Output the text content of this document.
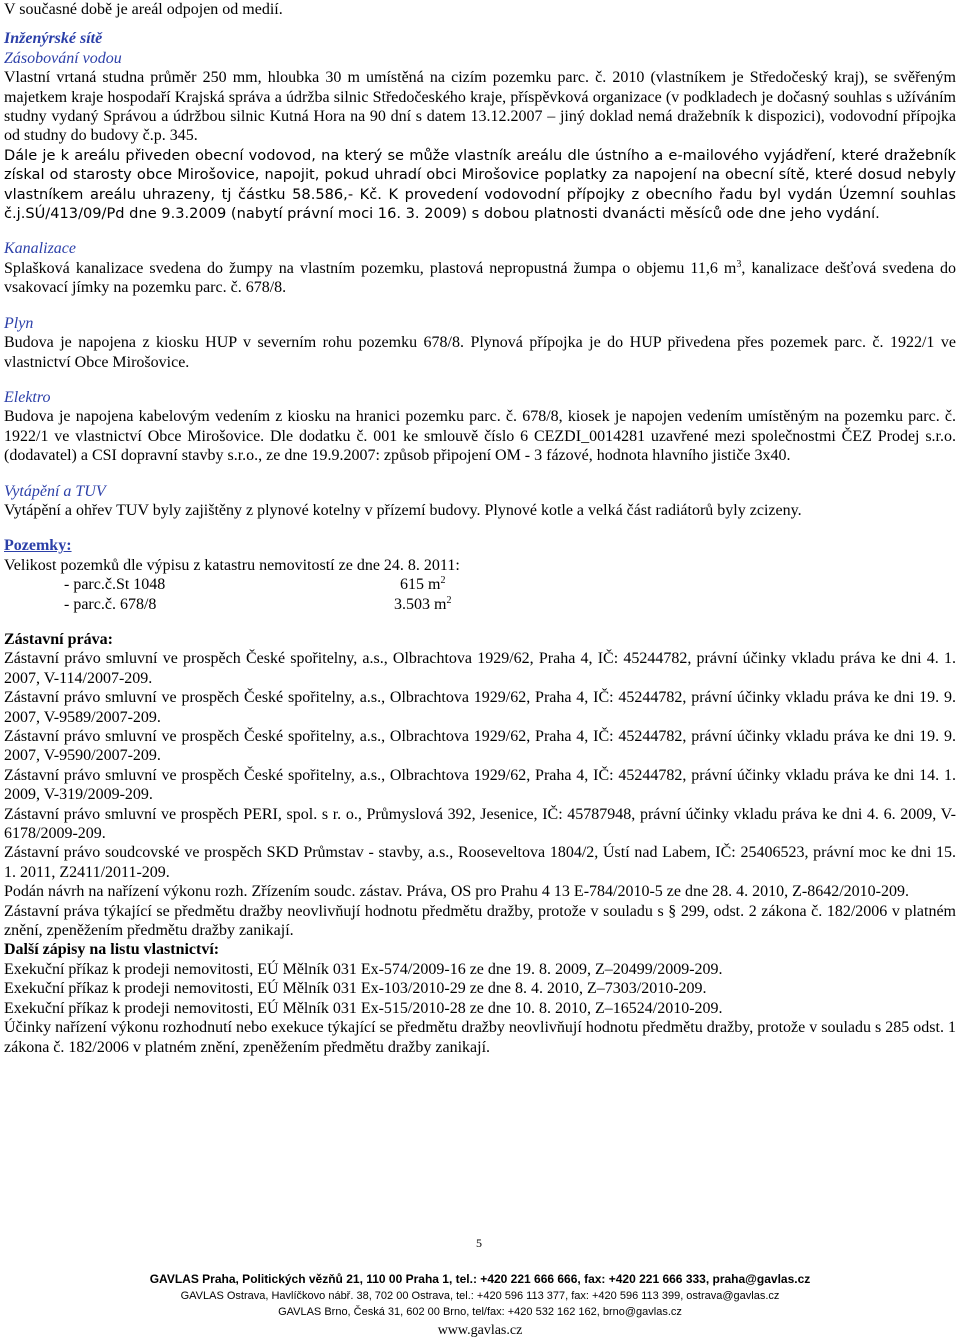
V současné době je areál odpojen od medií.

Inženýrské sítě

Zásobování vodou

Vlastní vrtaná studna průměr 250 mm, hloubka 30 m umístěná na cizím pozemku parc. č. 2010 (vlastníkem je Středočeský kraj), se svěřeným majetkem kraje hospodaří Krajská správa a údržba silnic Středočeského kraje, příspěvková organizace (v podkladech je dočasný souhlas s užíváním studny vydaný Správou a údržbou silnic Kutná Hora na 90 dní s datem 13.12.2007 – jiný doklad nemá dražebník k dispozici), vodovodní přípojka od studny do budovy č.p. 345.

Dále je k areálu přiveden obecní vodovod, na který se může vlastník areálu dle ústního a e-mailového vyjádření, které dražebník získal od starosty obce Mirošovice, napojit, pokud uhradí obci Mirošovice poplatky za napojení na obecní sítě, které dosud nebyly vlastníkem areálu uhrazeny, tj částku 58.586,- Kč. K provedení vodovodní přípojky z obecního řadu byl vydán Územní souhlas č.j.SÚ/413/09/Pd dne 9.3.2009 (nabytí právní moci 16. 3. 2009) s dobou platnosti dvanácti měsíců ode dne jeho vydání.

Kanalizace

Splašková kanalizace svedena do žumpy na vlastním pozemku, plastová nepropustná žumpa o objemu 11,6 $m^3$, kanalizace dešťová svedena do vsakovací jímky na pozemku parc. č. 678/8.

Plyn

Budova je napojena z kiosku HUP v severním rohu pozemku 678/8. Plynová přípojka je do HUP přivedena přes pozemek parc. č. 1922/1 ve vlastnictví Obce Mirošovice.

Elektro

Budova je napojena kabelovým vedením z kiosku na hranici pozemku parc. č. 678/8, kiosek je napojen vedením umístěným na pozemku parc. č. 1922/1 ve vlastnictví Obce Mirošovice. Dle dodatku č. 001 ke smlouvě číslo 6 CEZDI_0014281 uzavřené mezi společnostmi ČEZ Prodej s.r.o. (dodavatel) a CSI dopravní stavby s.r.o., ze dne 19.9.2007: způsob připojení OM - 3 fázové, hodnota hlavního jističe 3x40.

Vytápění a TUV

Vytápění a ohřev TUV byly zajištěny z plynové kotelny v přízemí budovy. Plynové kotle a velká část radiátorů byly zcizeny.

Pozemky:

Velikost pozemků dle výpisu z katastru nemovitostí ze dne 24. 8. 2011:

- parc.č.St 1048	615 $m^2$
- parc.č. 678/8	3.503 $m^2$

Zástavní práva:

Zástavní právo smluvní ve prospěch České spořitelny, a.s., Olbrachtova 1929/62, Praha 4, IČ: 45244782, právní účinky vkladu práva ke dni 4. 1. 2007, V-114/2007-209.

Zástavní právo smluvní ve prospěch České spořitelny, a.s., Olbrachtova 1929/62, Praha 4, IČ: 45244782, právní účinky vkladu práva ke dni 19. 9. 2007, V-9589/2007-209.

Zástavní právo smluvní ve prospěch České spořitelny, a.s., Olbrachtova 1929/62, Praha 4, IČ: 45244782, právní účinky vkladu práva ke dni 19. 9. 2007, V-9590/2007-209.

Zástavní právo smluvní ve prospěch České spořitelny, a.s., Olbrachtova 1929/62, Praha 4, IČ: 45244782, právní účinky vkladu práva ke dni 14. 1. 2009, V-319/2009-209.

Zástavní právo smluvní ve prospěch PERI, spol. s r. o., Průmyslová 392, Jesenice, IČ: 45787948, právní účinky vkladu práva ke dni 4. 6. 2009, V-6178/2009-209.

Zástavní právo soudcovské ve prospěch SKD Průmstav - stavby, a.s., Rooseveltova 1804/2, Ústí nad Labem, IČ: 25406523, právní moc ke dni 15. 1. 2011, Z2411/2011-209.

Podán návrh na nařízení výkonu rozh. Zřízením soudc. zástav. Práva, OS pro Prahu 4 13 E-784/2010-5 ze dne 28. 4. 2010, Z-8642/2010-209.

Zástavní práva týkající se předmětu dražby neovlivňují hodnotu předmětu dražby, protože v souladu s § 299, odst. 2 zákona č. 182/2006 v platném znění, zpeněžením předmětu dražby zanikají.

Další zápisy na listu vlastnictví:

Exekuční příkaz k prodeji nemovitosti, EÚ Mělník 031 Ex-574/2009-16 ze dne 19. 8. 2009, Z–20499/2009-209.

Exekuční příkaz k prodeji nemovitosti, EÚ Mělník 031 Ex-103/2010-29 ze dne 8. 4. 2010, Z–7303/2010-209.

Exekuční příkaz k prodeji nemovitosti, EÚ Mělník 031 Ex-515/2010-28 ze dne 10. 8. 2010, Z–16524/2010-209.

Účinky nařízení výkonu rozhodnutí nebo exekuce týkající se předmětu dražby neovlivňují hodnotu předmětu dražby, protože v souladu s 285 odst. 1 zákona č. 182/2006 v platném znění, zpeněžením předmětu dražby zanikají.

5
GAVLAS Praha, Politických vězňů 21, 110 00 Praha 1, tel.: +420 221 666 666, fax: +420 221 666 333, praha@gavlas.cz
GAVLAS Ostrava, Havlíčkovo nábř. 38, 702 00 Ostrava, tel.: +420 596 113 377, fax: +420 596 113 399, ostrava@gavlas.cz
GAVLAS Brno, Česká 31, 602 00 Brno, tel/fax: +420 532 162 162, brno@gavlas.cz
www.gavlas.cz
